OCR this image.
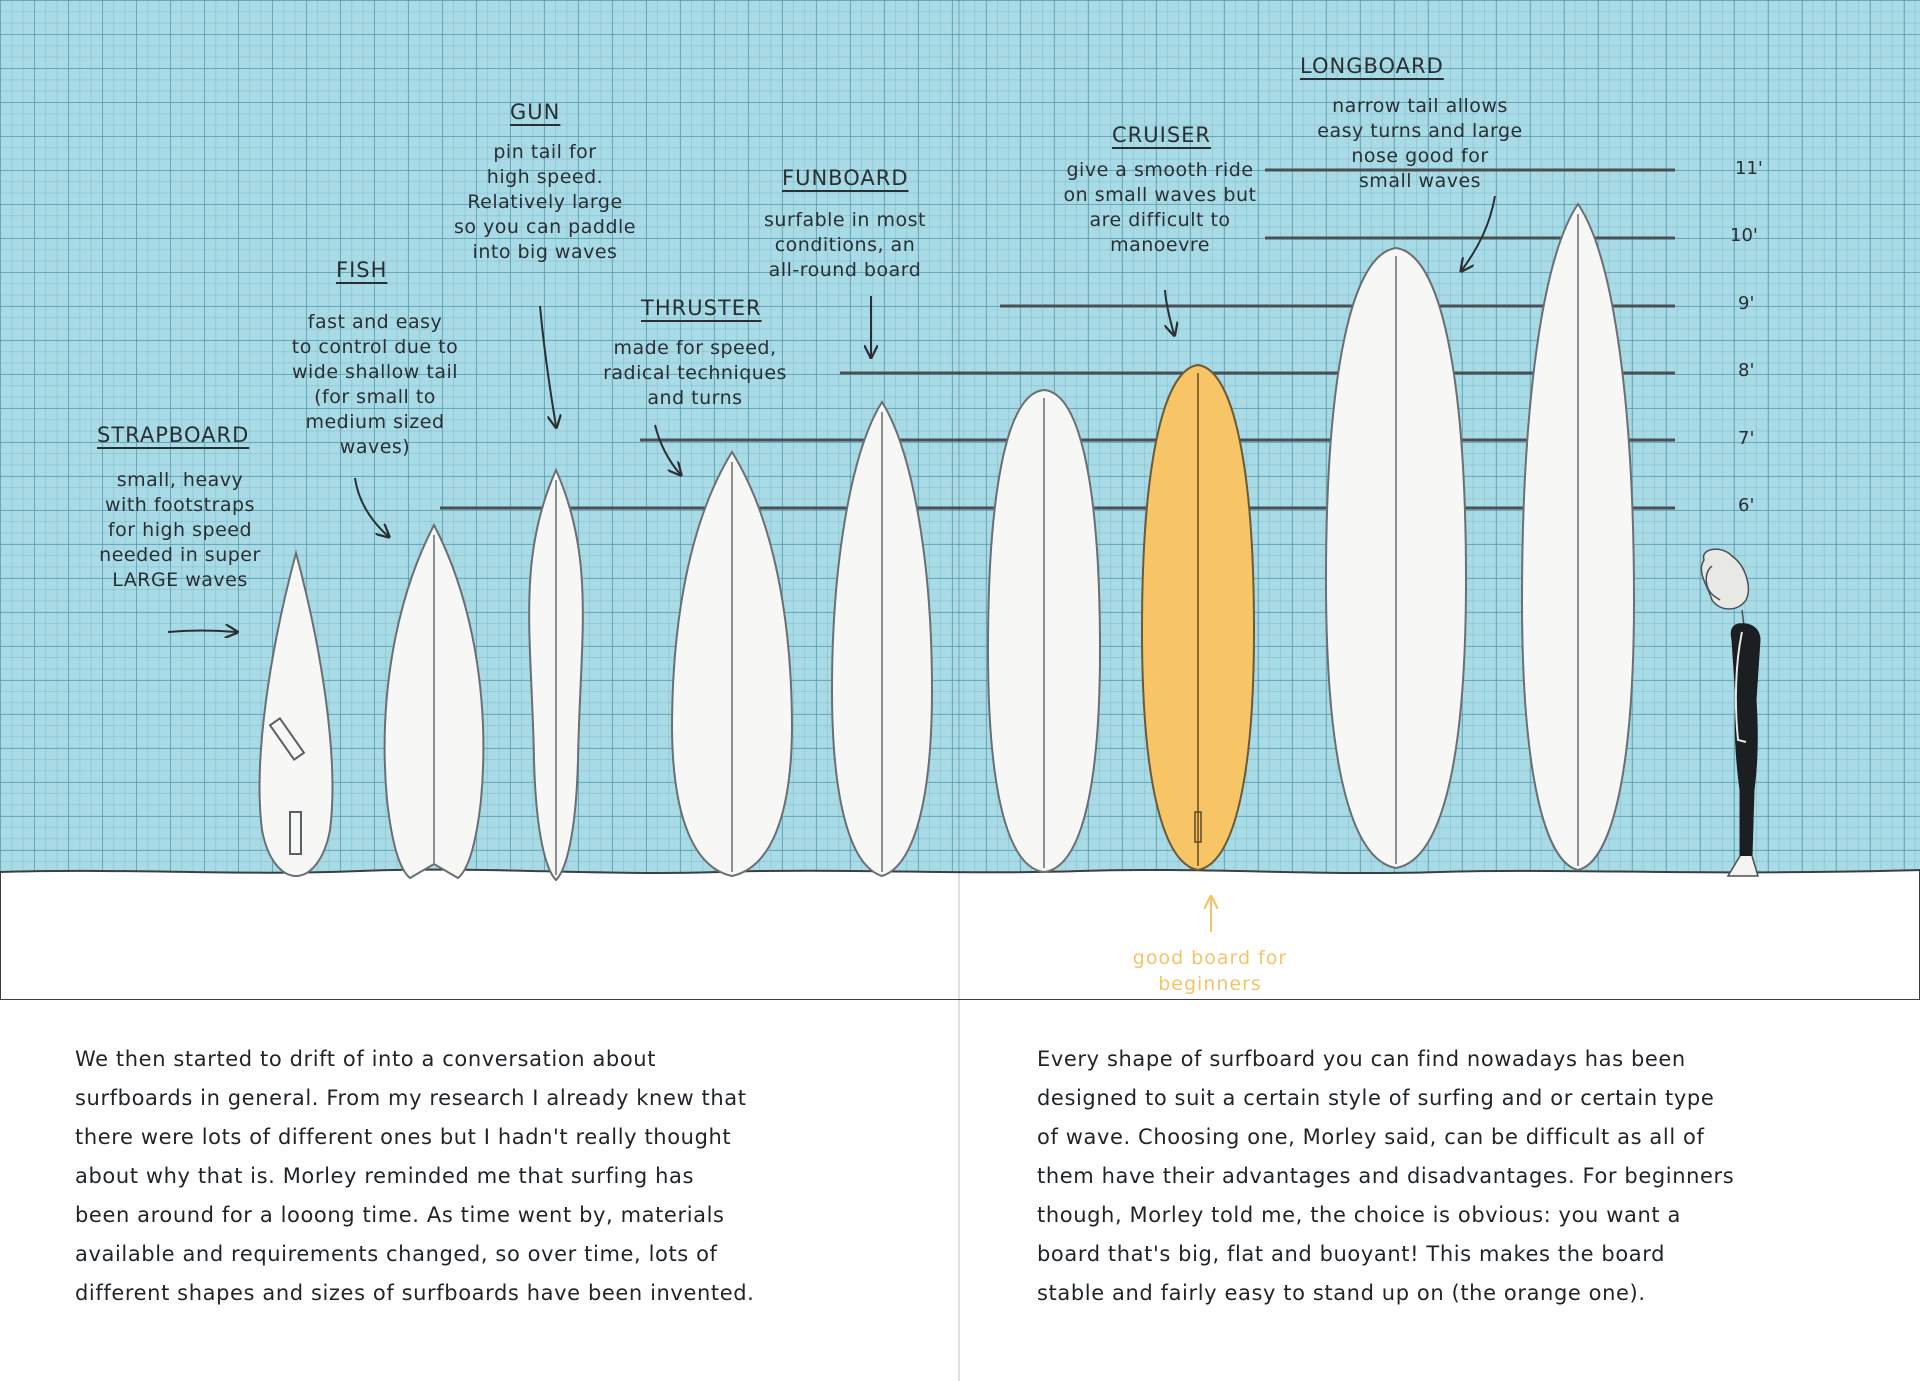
STRAPBOARD
FISH
GUN
THRUSTER
FUNBOARD
CRUISER
LONGBOARD
small, heavy
with footstraps
for high speed
needed in super
LARGE waves
fast and easy
to control due to
wide shallow tail
(for small to
medium sized
waves)
pin tail for
high speed.
Relatively large
so you can paddle
into big waves
made for speed,
radical techniques
and turns
surfable in most
conditions, an
all-round board
give a smooth ride
on small waves but
are difficult to
manoevre
narrow tail allows
easy turns and large
nose good for
small waves
11'
10'
9'
8'
7'
6'
good board for
beginners
We then started to drift of into a conversation about
surfboards in general. From my research I already knew that
there were lots of different ones but I hadn't really thought
about why that is. Morley reminded me that surfing has
been around for a looong time. As time went by, materials
available and requirements changed, so over time, lots of
different shapes and sizes of surfboards have been invented.
Every shape of surfboard you can find nowadays has been
designed to suit a certain style of surfing and or certain type
of wave. Choosing one, Morley said, can be difficult as all of
them have their advantages and disadvantages. For beginners
though, Morley told me, the choice is obvious: you want a
board that's big, flat and buoyant! This makes the board
stable and fairly easy to stand up on (the orange one).
